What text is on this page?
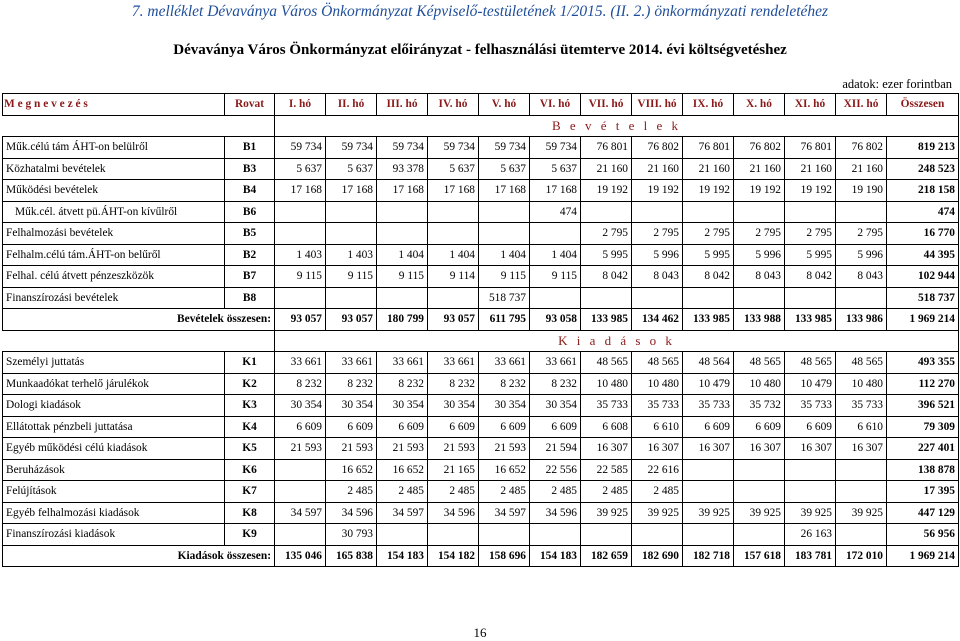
7. melléklet Dévaványa Város Önkormányzat Képviselő-testületének 1/2015. (II. 2.) önkormányzati rendeletéhez
Dévaványa Város Önkormányzat előirányzat - felhasználási ütemterve 2014. évi költségvetéshez
adatok: ezer forintban
M e g n e v e z é s	Rovat	I. hó	II. hó	III. hó	IV. hó	V. hó	VI. hó	VII. hó	VIII. hó	IX. hó	X. hó	XI. hó	XII. hó	Összesen
		B e v é t e l e k												
Műk.célú tám ÁHT-on belülről	B1	59 734	59 734	59 734	59 734	59 734	59 734	76 801	76 802	76 801	76 802	76 801	76 802	819 213
Közhatalmi bevételek	B3	5 637	5 637	93 378	5 637	5 637	5 637	21 160	21 160	21 160	21 160	21 160	21 160	248 523
Működési bevételek	B4	17 168	17 168	17 168	17 168	17 168	17 168	19 192	19 192	19 192	19 192	19 192	19 190	218 158
Műk.cél. átvett pü.ÁHT-on kívűlről	B6						474							474
Felhalmozási bevételek	B5							2 795	2 795	2 795	2 795	2 795	2 795	16 770
Felhalm.célú tám.ÁHT-on belűről	B2	1 403	1 403	1 404	1 404	1 404	1 404	5 995	5 996	5 995	5 996	5 995	5 996	44 395
Felhal. célú átvett pénzeszközök	B7	9 115	9 115	9 115	9 114	9 115	9 115	8 042	8 043	8 042	8 043	8 042	8 043	102 944
Finanszírozási bevételek	B8					518 737								518 737
Bevételek összesen:		93 057	93 057	180 799	93 057	611 795	93 058	133 985	134 462	133 985	133 988	133 985	133 986	1 969 214
		K i a d á s o k												
Személyi juttatás	K1	33 661	33 661	33 661	33 661	33 661	33 661	48 565	48 565	48 564	48 565	48 565	48 565	493 355
Munkaadókat terhelő járulékok	K2	8 232	8 232	8 232	8 232	8 232	8 232	10 480	10 480	10 479	10 480	10 479	10 480	112 270
Dologi kiadások	K3	30 354	30 354	30 354	30 354	30 354	30 354	35 733	35 733	35 733	35 732	35 733	35 733	396 521
Ellátottak pénzbeli juttatása	K4	6 609	6 609	6 609	6 609	6 609	6 609	6 608	6 610	6 609	6 609	6 609	6 610	79 309
Egyéb működési célú kiadások	K5	21 593	21 593	21 593	21 593	21 593	21 594	16 307	16 307	16 307	16 307	16 307	16 307	227 401
Beruházások	K6		16 652	16 652	21 165	16 652	22 556	22 585	22 616					138 878
Felújítások	K7		2 485	2 485	2 485	2 485	2 485	2 485	2 485					17 395
Egyéb felhalmozási kiadások	K8	34 597	34 596	34 597	34 596	34 597	34 596	39 925	39 925	39 925	39 925	39 925	39 925	447 129
Finanszírozási kiadások	K9		30 793									26 163		56 956
Kiadások összesen:		135 046	165 838	154 183	154 182	158 696	154 183	182 659	182 690	182 718	157 618	183 781	172 010	1 969 214
16
